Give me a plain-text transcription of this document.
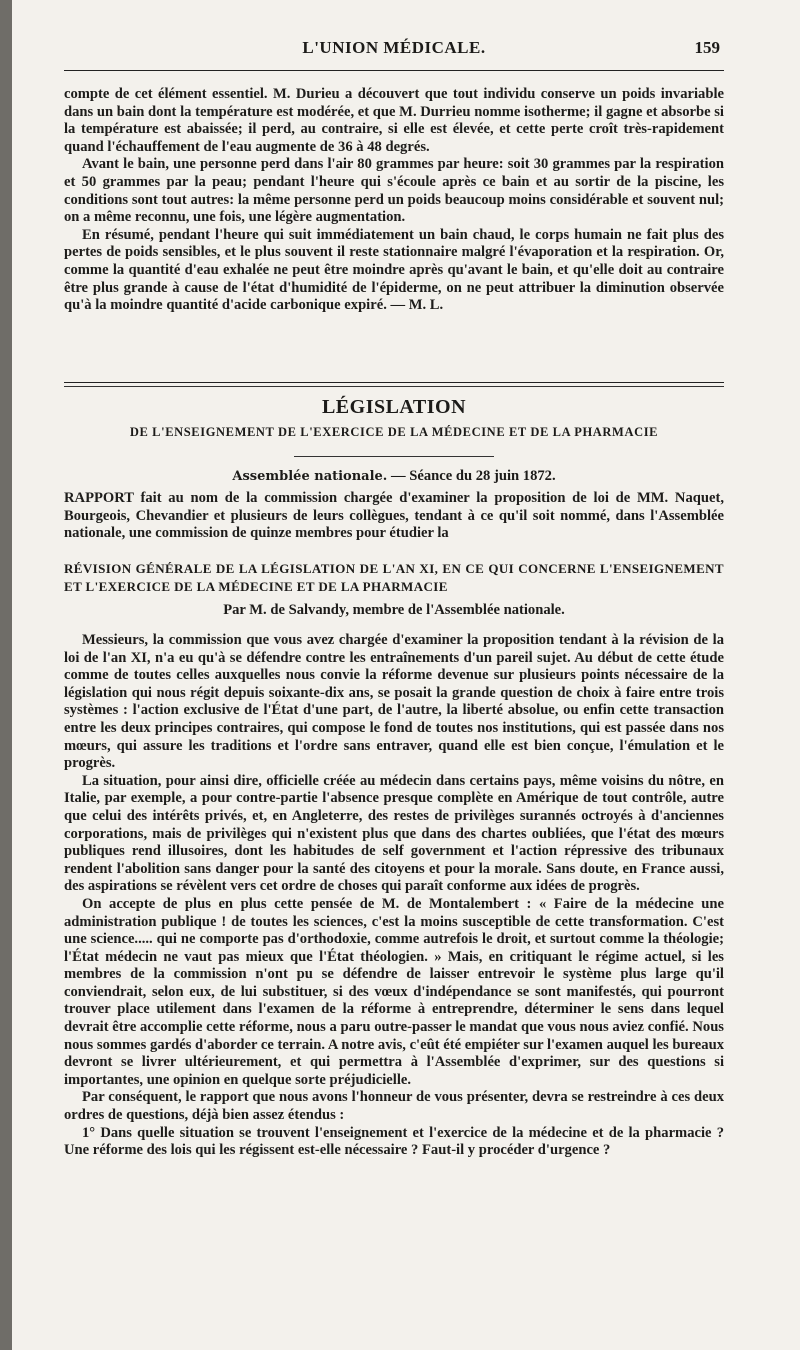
L'UNION MÉDICALE.	159

compte de cet élément essentiel. M. Durieu a découvert que tout individu conserve un poids invariable dans un bain dont la température est modérée, et que M. Durrieu nomme isotherme; il gagne et absorbe si la température est abaissée; il perd, au contraire, si elle est élevée, et cette perte croît très-rapidement quand l'échauffement de l'eau augmente de 36 à 48 degrés.

Avant le bain, une personne perd dans l'air 80 grammes par heure: soit 30 grammes par la respiration et 50 grammes par la peau; pendant l'heure qui s'écoule après ce bain et au sortir de la piscine, les conditions sont tout autres: la même personne perd un poids beaucoup moins considérable et souvent nul; on a même reconnu, une fois, une légère augmentation.

En résumé, pendant l'heure qui suit immédiatement un bain chaud, le corps humain ne fait plus des pertes de poids sensibles, et le plus souvent il reste stationnaire malgré l'évaporation et la respiration. Or, comme la quantité d'eau exhalée ne peut être moindre après qu'avant le bain, et qu'elle doit au contraire être plus grande à cause de l'état d'humidité de l'épiderme, on ne peut attribuer la diminution observée qu'à la moindre quantité d'acide carbonique expiré. — M. L.

LÉGISLATION
DE L'ENSEIGNEMENT DE L'EXERCICE DE LA MÉDECINE ET DE LA PHARMACIE
Assemblée nationale. — Séance du 28 juin 1872.

RAPPORT fait au nom de la commission chargée d'examiner la proposition de loi de MM. Naquet, Bourgeois, Chevandier et plusieurs de leurs collègues, tendant à ce qu'il soit nommé, dans l'Assemblée nationale, une commission de quinze membres pour étudier la

RÉVISION GÉNÉRALE DE LA LÉGISLATION DE L'AN XI, EN CE QUI CONCERNE L'ENSEIGNEMENT ET L'EXERCICE DE LA MÉDECINE ET DE LA PHARMACIE
Par M. de Salvandy, membre de l'Assemblée nationale.

Messieurs, la commission que vous avez chargée d'examiner la proposition tendant à la révision de la loi de l'an XI, n'a eu qu'à se défendre contre les entraînements d'un pareil sujet. Au début de cette étude comme de toutes celles auxquelles nous convie la réforme devenue sur plusieurs points nécessaire de la législation qui nous régit depuis soixante-dix ans, se posait la grande question de choix à faire entre trois systèmes : l'action exclusive de l'État d'une part, de l'autre, la liberté absolue, ou enfin cette transaction entre les deux principes contraires, qui compose le fond de toutes nos institutions, qui est passée dans nos mœurs, qui assure les traditions et l'ordre sans entraver, quand elle est bien conçue, l'émulation et le progrès.

La situation, pour ainsi dire, officielle créée au médecin dans certains pays, même voisins du nôtre, en Italie, par exemple, a pour contre-partie l'absence presque complète en Amérique de tout contrôle, autre que celui des intérêts privés, et, en Angleterre, des restes de privilèges surannés octroyés à d'anciennes corporations, mais de privilèges qui n'existent plus que dans des chartes oubliées, que l'état des mœurs publiques rend illusoires, dont les habitudes de self government et l'action répressive des tribunaux rendent l'abolition sans danger pour la santé des citoyens et pour la morale. Sans doute, en France aussi, des aspirations se révèlent vers cet ordre de choses qui paraît conforme aux idées de progrès.

On accepte de plus en plus cette pensée de M. de Montalembert : « Faire de la médecine une administration publique ! de toutes les sciences, c'est la moins susceptible de cette transformation. C'est une science..... qui ne comporte pas d'orthodoxie, comme autrefois le droit, et surtout comme la théologie; l'État médecin ne vaut pas mieux que l'État théologien. » Mais, en critiquant le régime actuel, si les membres de la commission n'ont pu se défendre de laisser entrevoir le système plus large qu'il conviendrait, selon eux, de lui substituer, si des vœux d'indépendance se sont manifestés, qui pourront trouver place utilement dans l'examen de la réforme à entreprendre, déterminer le sens dans lequel devrait être accomplie cette réforme, nous a paru outre-passer le mandat que vous nous aviez confié. Nous nous sommes gardés d'aborder ce terrain. A notre avis, c'eût été empiéter sur l'examen auquel les bureaux devront se livrer ultérieurement, et qui permettra à l'Assemblée d'exprimer, sur des questions si importantes, une opinion en quelque sorte préjudicielle.

Par conséquent, le rapport que nous avons l'honneur de vous présenter, devra se restreindre à ces deux ordres de questions, déjà bien assez étendus :

1° Dans quelle situation se trouvent l'enseignement et l'exercice de la médecine et de la pharmacie ? Une réforme des lois qui les régissent est-elle nécessaire ? Faut-il y procéder d'urgence ?
